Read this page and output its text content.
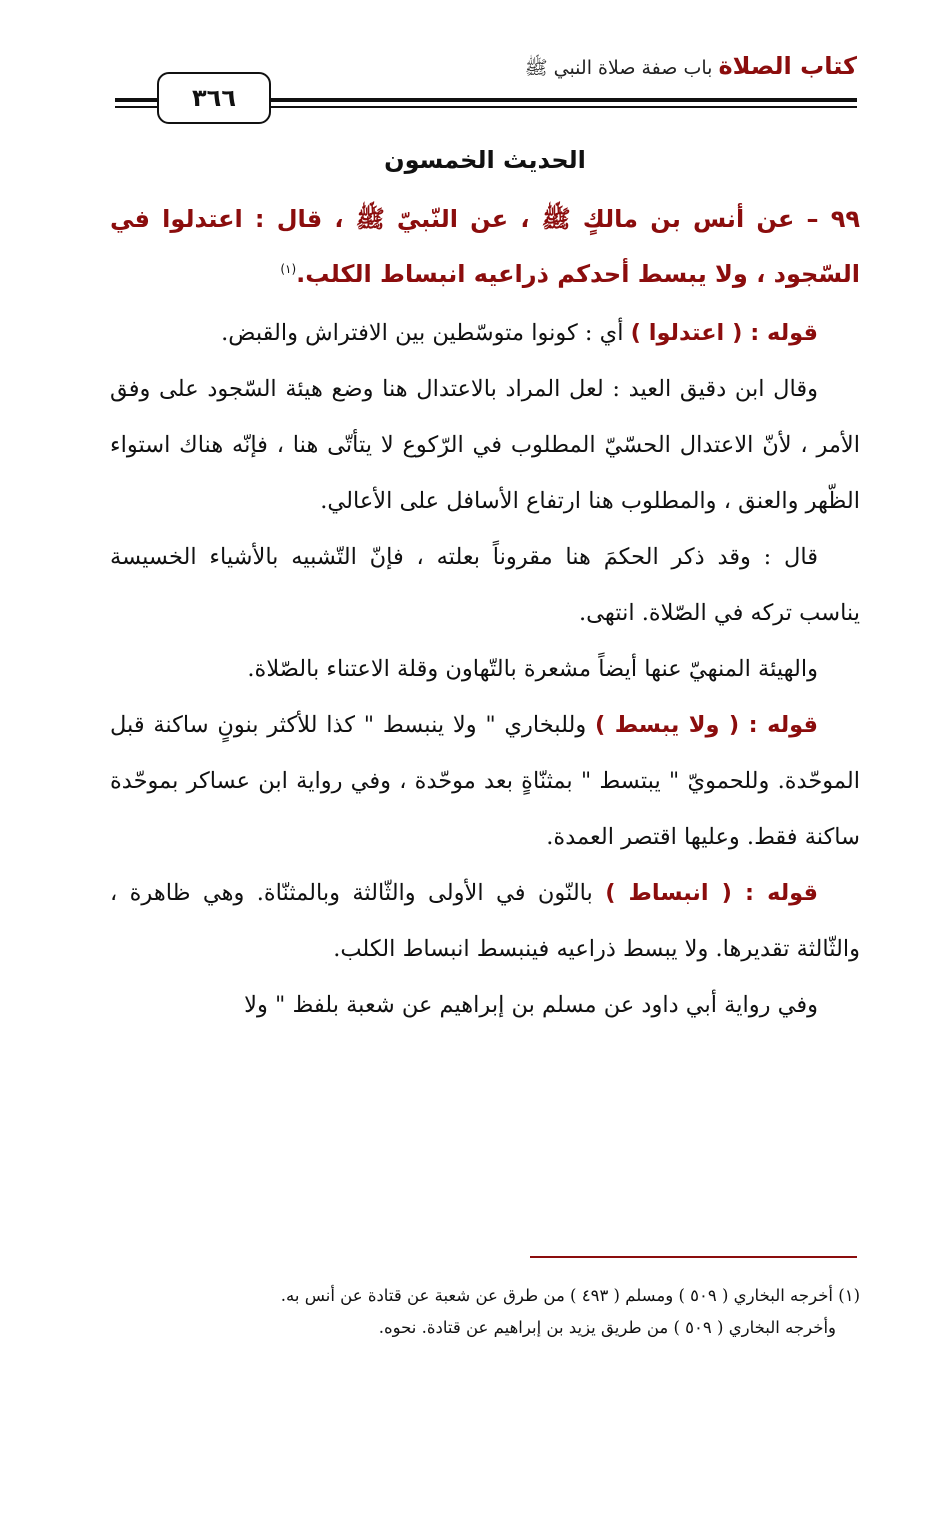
كتاب الصلاة باب صفة صلاة النبي ﷺ
٣٦٦
الحديث الخمسون

٩٩ – عن أنس بن مالكٍ ﷺ ، عن النّبيّ ﷺ ، قال : اعتدلوا في السّجود ، ولا يبسط أحدكم ذراعيه انبساط الكلب.$^{(١)}$

قوله : ( اعتدلوا ) أي : كونوا متوسّطين بين الافتراش والقبض.

وقال ابن دقيق العيد : لعل المراد بالاعتدال هنا وضع هيئة السّجود على وفق الأمر ، لأنّ الاعتدال الحسّيّ المطلوب في الرّكوع لا يتأتّى هنا ، فإنّه هناك استواء الظّهر والعنق ، والمطلوب هنا ارتفاع الأسافل على الأعالي.

قال : وقد ذكر الحكمَ هنا مقروناً بعلته ، فإنّ التّشبيه بالأشياء الخسيسة يناسب تركه في الصّلاة. انتهى.

والهيئة المنهيّ عنها أيضاً مشعرة بالتّهاون وقلة الاعتناء بالصّلاة.

قوله : ( ولا يبسط ) وللبخاري " ولا ينبسط " كذا للأكثر بنونٍ ساكنة قبل الموحّدة. وللحمويّ " يبتسط " بمثنّاةٍ بعد موحّدة ، وفي رواية ابن عساكر بموحّدة ساكنة فقط. وعليها اقتصر العمدة.

قوله : ( انبساط ) بالنّون في الأولى والثّالثة وبالمثنّاة. وهي ظاهرة ، والثّالثة تقديرها. ولا يبسط ذراعيه فينبسط انبساط الكلب.

وفي رواية أبي داود عن مسلم بن إبراهيم عن شعبة بلفظ " ولا

(١) أخرجه البخاري ( ٥٠٩ ) ومسلم ( ٤٩٣ ) من طرق عن شعبة عن قتادة عن أنس به.

وأخرجه البخاري ( ٥٠٩ ) من طريق يزيد بن إبراهيم عن قتادة. نحوه.
